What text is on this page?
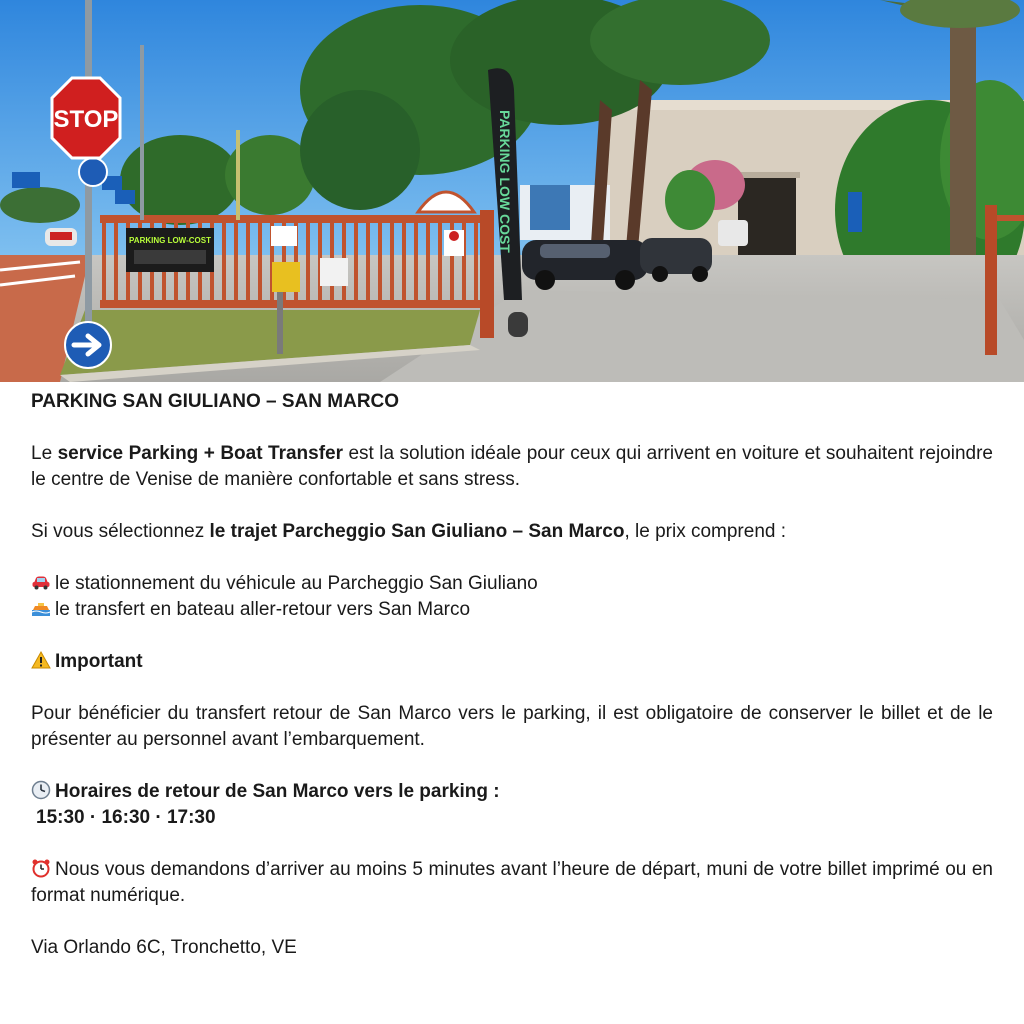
PARKING LOW-COST	PARKING LOW COST
STOP

PARKING SAN GIULIANO – SAN MARCO

Le service Parking + Boat Transfer est la solution idéale pour ceux qui arrivent en voiture et souhaitent rejoindre le centre de Venise de manière confortable et sans stress.

Si vous sélectionnez le trajet Parcheggio San Giuliano – San Marco, le prix comprend :

le stationnement du véhicule au Parcheggio San Giuliano

le transfert en bateau aller-retour vers San Marco

Important

Pour bénéficier du transfert retour de San Marco vers le parking, il est obligatoire de conserver le billet et de le présenter au personnel avant l’embarquement.

Horaires de retour de San Marco vers le parking :

15:30 · 16:30 · 17:30

Nous vous demandons d’arriver au moins 5 minutes avant l’heure de départ, muni de votre billet imprimé ou en format numérique.

Via Orlando 6C, Tronchetto, VE
